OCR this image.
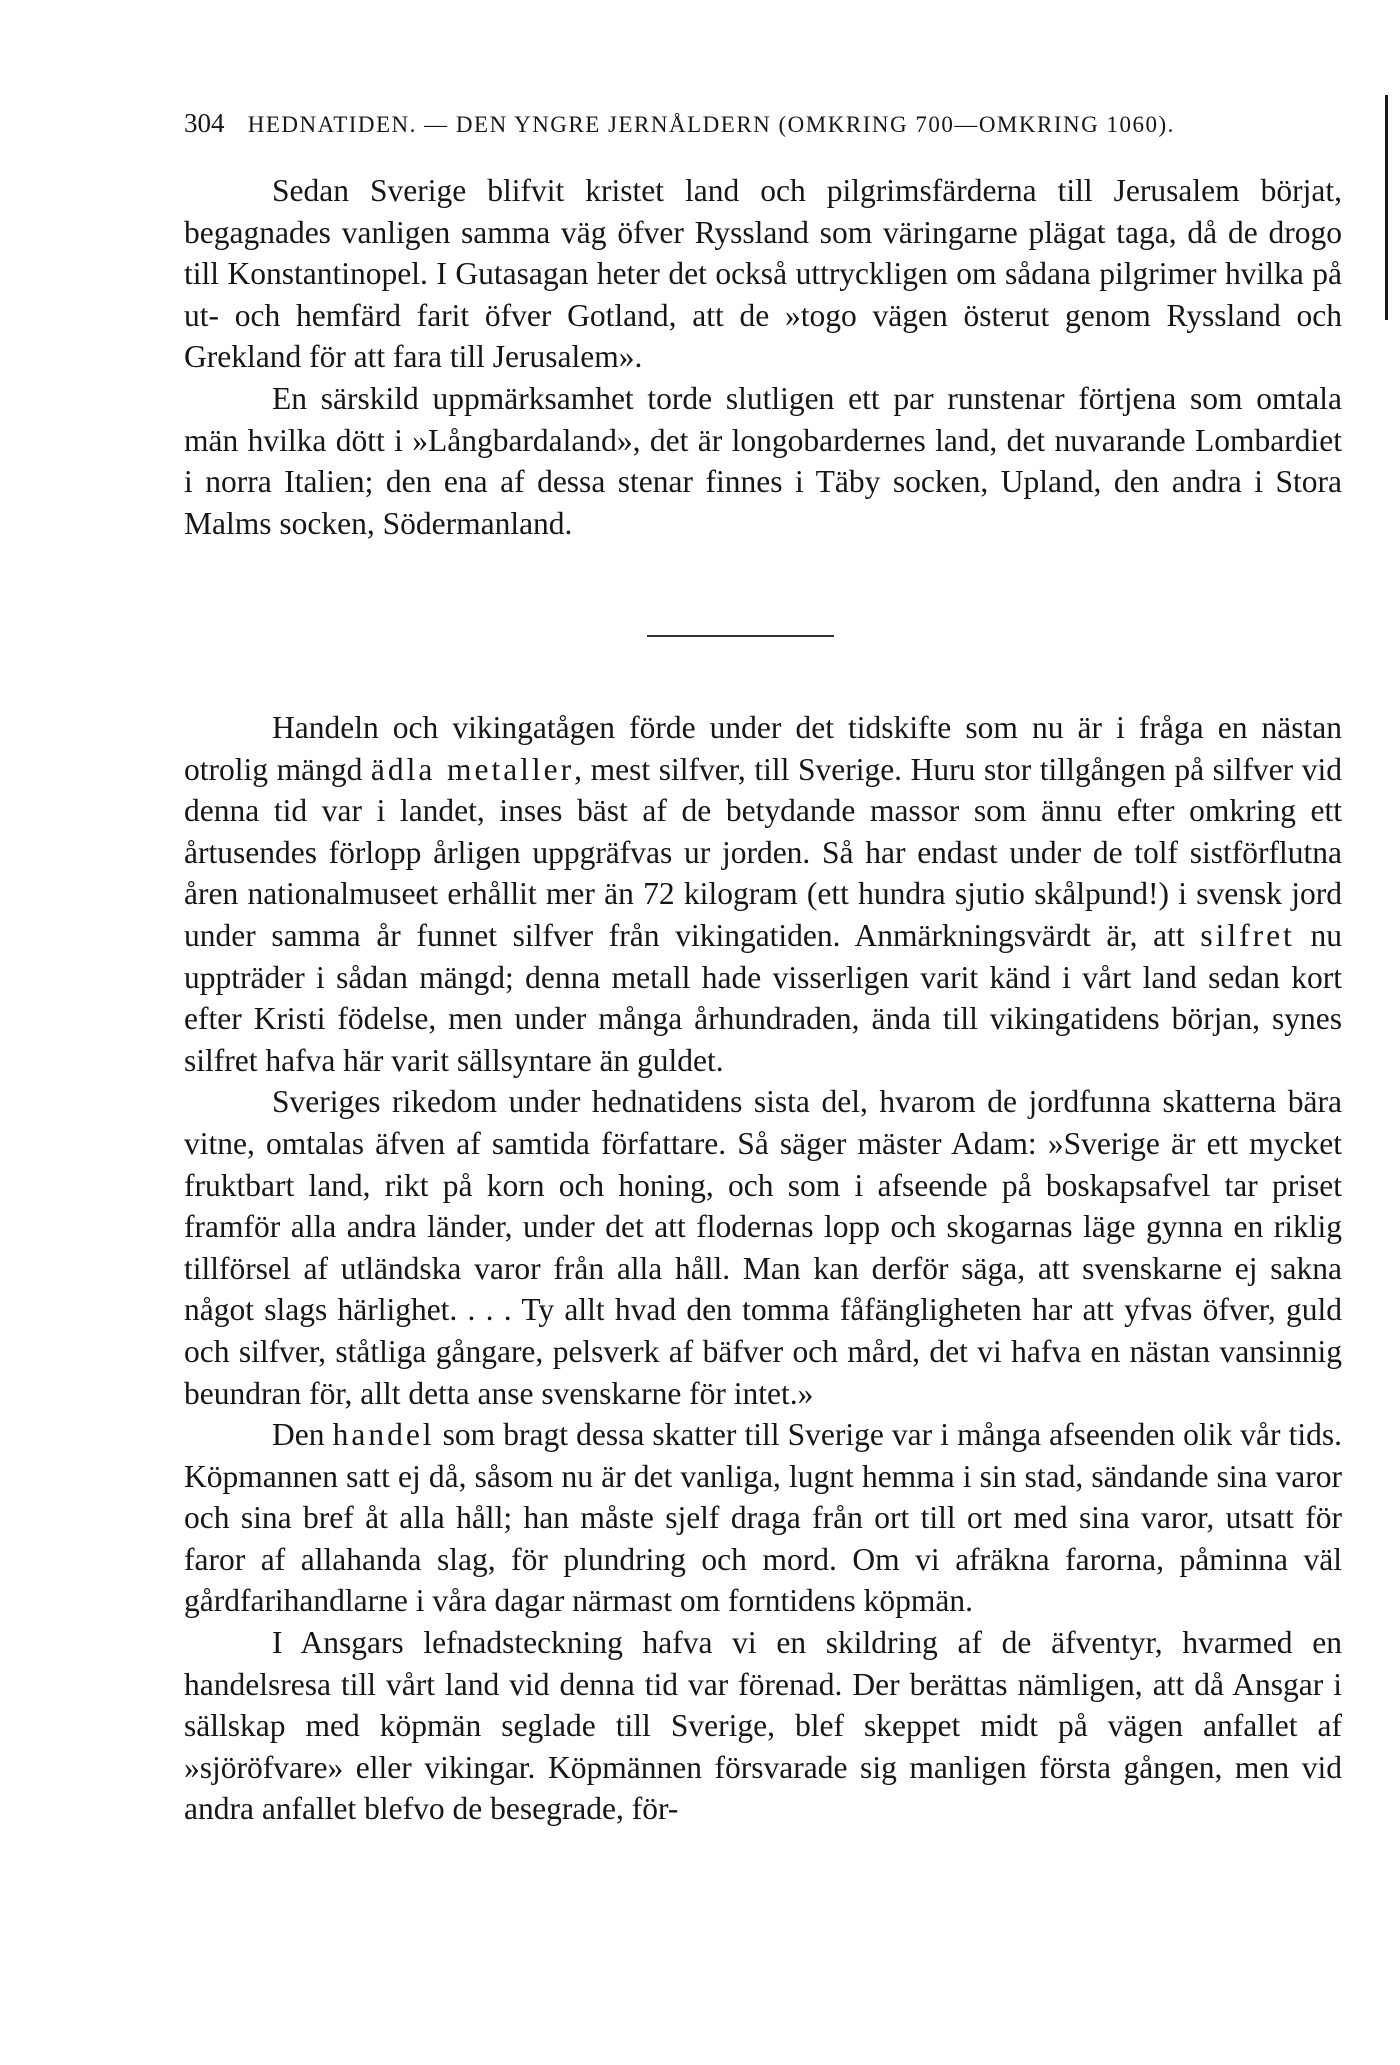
304 HEDNATIDEN. — DEN YNGRE JERNÅLDERN (OMKRING 700—OMKRING 1060).

Sedan Sverige blifvit kristet land och pilgrimsfärderna till Jerusalem börjat, begagnades vanligen samma väg öfver Ryssland som väringarne plägat taga, då de drogo till Konstantinopel. I Gutasagan heter det också uttryckligen om sådana pilgrimer hvilka på ut- och hemfärd farit öfver Gotland, att de »togo vägen österut genom Ryssland och Grekland för att fara till Jerusalem».

En särskild uppmärksamhet torde slutligen ett par runstenar förtjena som omtala män hvilka dött i »Långbardaland», det är longobardernes land, det nuvarande Lombardiet i norra Italien; den ena af dessa stenar finnes i Täby socken, Upland, den andra i Stora Malms socken, Södermanland.

Handeln och vikingatågen förde under det tidskifte som nu är i fråga en nästan otrolig mängd ädla metaller, mest silfver, till Sverige. Huru stor tillgången på silfver vid denna tid var i landet, inses bäst af de betydande massor som ännu efter omkring ett årtusendes förlopp årligen uppgräfvas ur jorden. Så har endast under de tolf sistförflutna åren nationalmuseet erhållit mer än 72 kilogram (ett hundra sjutio skålpund!) i svensk jord under samma år funnet silfver från vikingatiden. Anmärkningsvärdt är, att silfret nu uppträder i sådan mängd; denna metall hade visserligen varit känd i vårt land sedan kort efter Kristi födelse, men under många århundraden, ända till vikingatidens början, synes silfret hafva här varit sällsyntare än guldet.

Sveriges rikedom under hednatidens sista del, hvarom de jordfunna skatterna bära vitne, omtalas äfven af samtida författare. Så säger mäster Adam: »Sverige är ett mycket fruktbart land, rikt på korn och honing, och som i afseende på boskapsafvel tar priset framför alla andra länder, under det att flodernas lopp och skogarnas läge gynna en riklig tillförsel af utländska varor från alla håll. Man kan derför säga, att svenskarne ej sakna något slags härlighet. . . . Ty allt hvad den tomma fåfängligheten har att yfvas öfver, guld och silfver, ståtliga gångare, pelsverk af bäfver och mård, det vi hafva en nästan vansinnig beundran för, allt detta anse svenskarne för intet.»

Den handel som bragt dessa skatter till Sverige var i många afseenden olik vår tids. Köpmannen satt ej då, såsom nu är det vanliga, lugnt hemma i sin stad, sändande sina varor och sina bref åt alla håll; han måste sjelf draga från ort till ort med sina varor, utsatt för faror af allahanda slag, för plundring och mord. Om vi afräkna farorna, påminna väl gårdfarihandlarne i våra dagar närmast om forntidens köpmän.

I Ansgars lefnadsteckning hafva vi en skildring af de äfventyr, hvarmed en handelsresa till vårt land vid denna tid var förenad. Der berättas nämligen, att då Ansgar i sällskap med köpmän seglade till Sverige, blef skeppet midt på vägen anfallet af »sjöröfvare» eller vikingar. Köpmännen försvarade sig manligen första gången, men vid andra anfallet blefvo de besegrade, för-
